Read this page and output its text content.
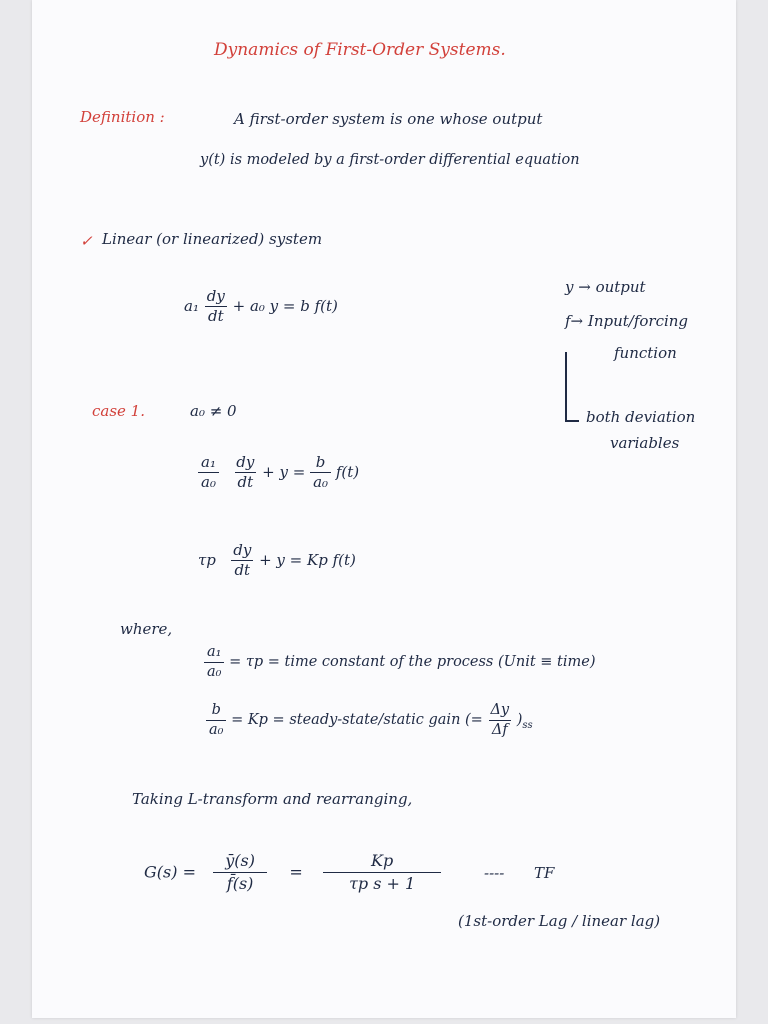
Dynamics of First-Order Systems.
Definition :	A first-order system is one whose output
y(t) is modeled by a first-order differential equation
✓ Linear (or linearized) system
$a_1 \frac{dy}{dt} + a_0$ y = b f(t)
y → output
f→ Input/forcing
function
both deviation
variables
case 1.	a₀ ≠ 0
$\frac{\text{a₁}}{\text{a₀}}$
$\frac{dy}{dt} + y = \frac{b}{\text{a₀}} f(t)$
τp $\frac{dy}{dt} + y = Kp$ f(t)
where,
$\frac{\text{a₁}}{\text{a₀}} = \tau p$ = time constant of the process (Unit ≡ time)
$\frac{b}{\text{a₀}} = Kp$ = steady-state/static gain (= $\frac{\Delta y}{\Delta f} )_{ss}$
Taking L-transform and rearranging,
$G(s) = \frac{ȳ(s)}{f̄(s)} = \frac{Kp}{\text{τp s + 1}}$	---- TF
(1st-order Lag / linear lag)
